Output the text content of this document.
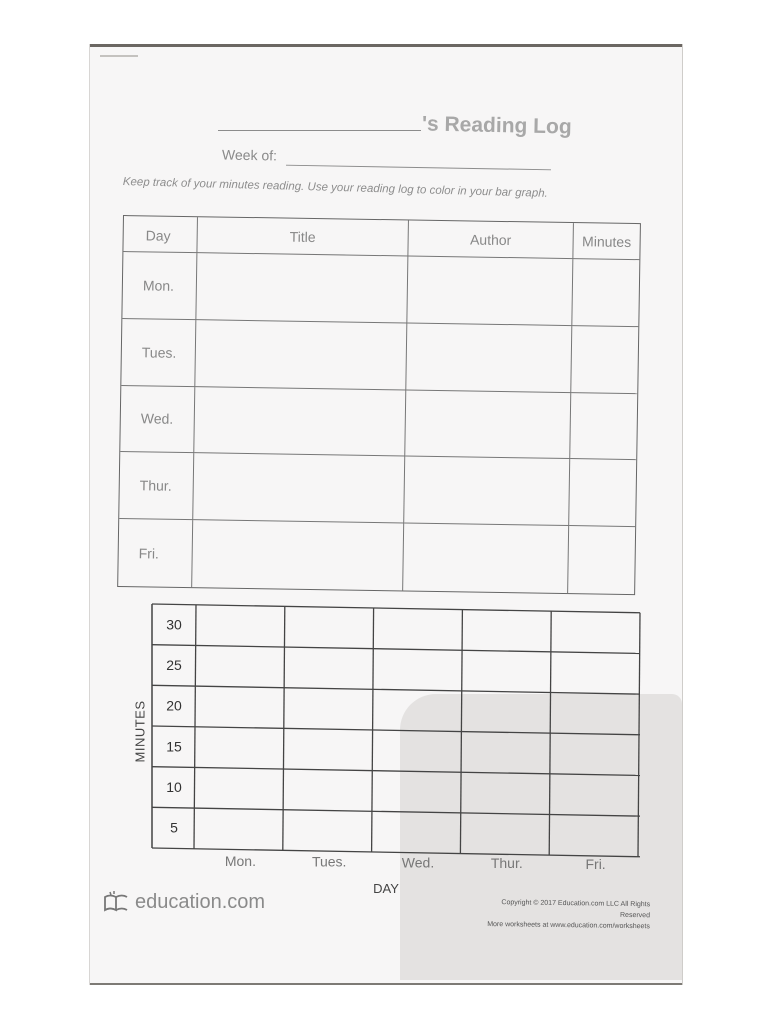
's Reading Log
Week of:
Keep track of your minutes reading. Use your reading log to color in your bar graph.
Day	Title	Author	Minutes
Mon.
Tues.
Wed.
Thur.
Fri.
30
25
20
15
10
5
Mon.	Tues.	Wed.	Thur.	Fri.
DAY
MINUTES
education.com	Copyright © 2017 Education.com LLC All Rights Reserved
More worksheets at www.education.com/worksheets
